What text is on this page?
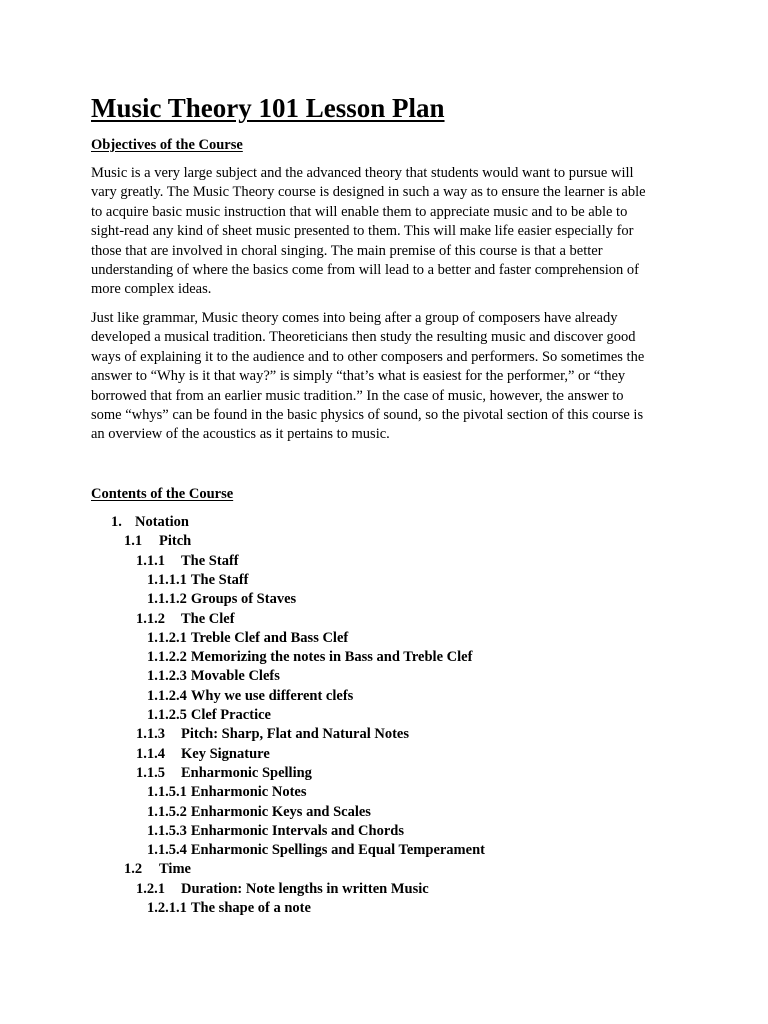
Music Theory 101 Lesson Plan
Objectives of the Course

Music is a very large subject and the advanced theory that students would want to pursue will
vary greatly. The Music Theory course is designed in such a way as to ensure the learner is able
to acquire basic music instruction that will enable them to appreciate music and to be able to
sight-read any kind of sheet music presented to them. This will make life easier especially for
those that are involved in choral singing. The main premise of this course is that a better
understanding of where the basics come from will lead to a better and faster comprehension of
more complex ideas.

Just like grammar, Music theory comes into being after a group of composers have already
developed a musical tradition. Theoreticians then study the resulting music and discover good
ways of explaining it to the audience and to other composers and performers. So sometimes the
answer to “Why is it that way?” is simply “that’s what is easiest for the performer,” or “they
borrowed that from an earlier music tradition.” In the case of music, however, the answer to
some “whys” can be found in the basic physics of sound, so the pivotal section of this course is
an overview of the acoustics as it pertains to music.

Contents of the Course
1. Notation
1.1 Pitch
1.1.1 The Staff
1.1.1.1 The Staff
1.1.1.2 Groups of Staves
1.1.2 The Clef
1.1.2.1 Treble Clef and Bass Clef
1.1.2.2 Memorizing the notes in Bass and Treble Clef
1.1.2.3 Movable Clefs
1.1.2.4 Why we use different clefs
1.1.2.5 Clef Practice
1.1.3 Pitch: Sharp, Flat and Natural Notes
1.1.4 Key Signature
1.1.5 Enharmonic Spelling
1.1.5.1 Enharmonic Notes
1.1.5.2 Enharmonic Keys and Scales
1.1.5.3 Enharmonic Intervals and Chords
1.1.5.4 Enharmonic Spellings and Equal Temperament
1.2 Time
1.2.1 Duration: Note lengths in written Music
1.2.1.1 The shape of a note
